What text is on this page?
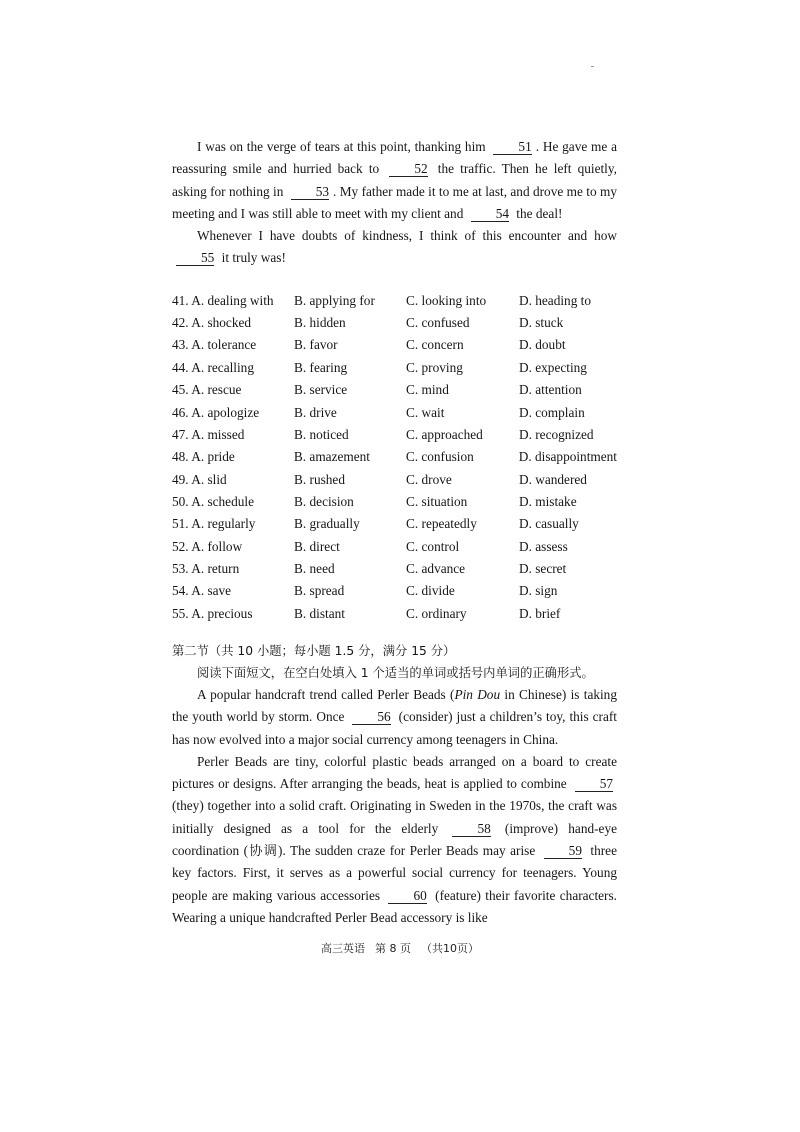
I was on the verge of tears at this point, thanking him 51 . He gave me a reassuring smile and hurried back to 52 the traffic. Then he left quietly, asking for nothing in 53 . My father made it to me at last, and drove me to my meeting and I was still able to meet with my client and 54 the deal!

Whenever I have doubts of kindness, I think of this encounter and how 55 it truly was!

41. A. dealing with	B. applying for	C. looking into	D. heading to
42. A. shocked	B. hidden	C. confused	D. stuck
43. A. tolerance	B. favor	C. concern	D. doubt
44. A. recalling	B. fearing	C. proving	D. expecting
45. A. rescue	B. service	C. mind	D. attention
46. A. apologize	B. drive	C. wait	D. complain
47. A. missed	B. noticed	C. approached	D. recognized
48. A. pride	B. amazement	C. confusion	D. disappointment
49. A. slid	B. rushed	C. drove	D. wandered
50. A. schedule	B. decision	C. situation	D. mistake
51. A. regularly	B. gradually	C. repeatedly	D. casually
52. A. follow	B. direct	C. control	D. assess
53. A. return	B. need	C. advance	D. secret
54. A. save	B. spread	C. divide	D. sign
55. A. precious	B. distant	C. ordinary	D. brief
第二节（共 10 小题；每小题 1.5 分，满分 15 分）
阅读下面短文，在空白处填入 1 个适当的单词或括号内单词的正确形式。

A popular handcraft trend called Perler Beads (Pin Dou in Chinese) is taking the youth world by storm. Once 56 (consider) just a children’s toy, this craft has now evolved into a major social currency among teenagers in China.

Perler Beads are tiny, colorful plastic beads arranged on a board to create pictures or designs. After arranging the beads, heat is applied to combine 57 (they) together into a solid craft. Originating in Sweden in the 1970s, the craft was initially designed as a tool for the elderly 58 (improve) hand-eye coordination (协调). The sudden craze for Perler Beads may arise 59 three key factors. First, it serves as a powerful social currency for teenagers. Young people are making various accessories 60 (feature) their favorite characters. Wearing a unique handcrafted Perler Bead accessory is like

高三英语 第 8 页 （共10页）
